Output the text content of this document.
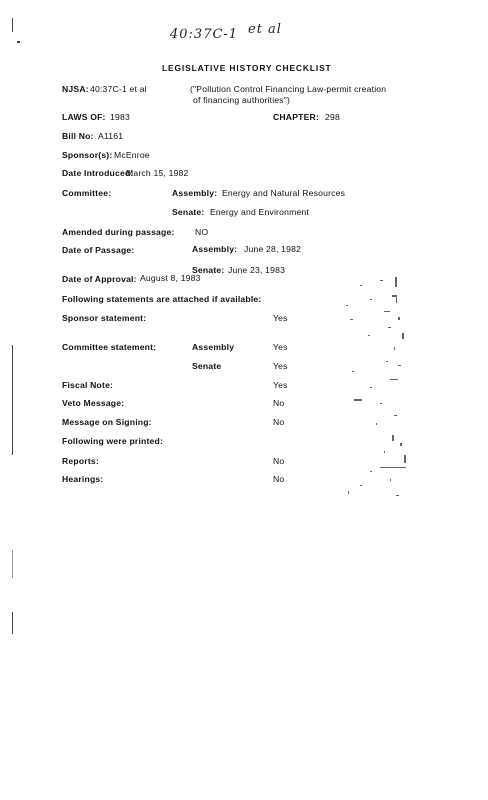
40:37C-1 et al
LEGISLATIVE HISTORY CHECKLIST
NJSA: 40:37C-1 et al	("Pollution Control Financing Law-permit creation
of financing authorities")
LAWS OF: 1983	CHAPTER: 298
Bill No: A1161
Sponsor(s): McEnroe
Date Introduced:
March 15, 1982
Committee:	Assembly: Energy and Natural Resources
Senate: Energy and Environment
Amended during passage: NO
Date of Passage:	Assembly: June 28, 1982
Senate: June 23, 1983
Date of Approval: August 8, 1983
Following statements are attached if available:
Sponsor statement:	Yes
Committee statement:	Assembly	Yes
Senate	Yes
Fiscal Note:	Yes
Veto Message:	No
Message on Signing:	No
Following were printed:
Reports:	No
Hearings:	No
